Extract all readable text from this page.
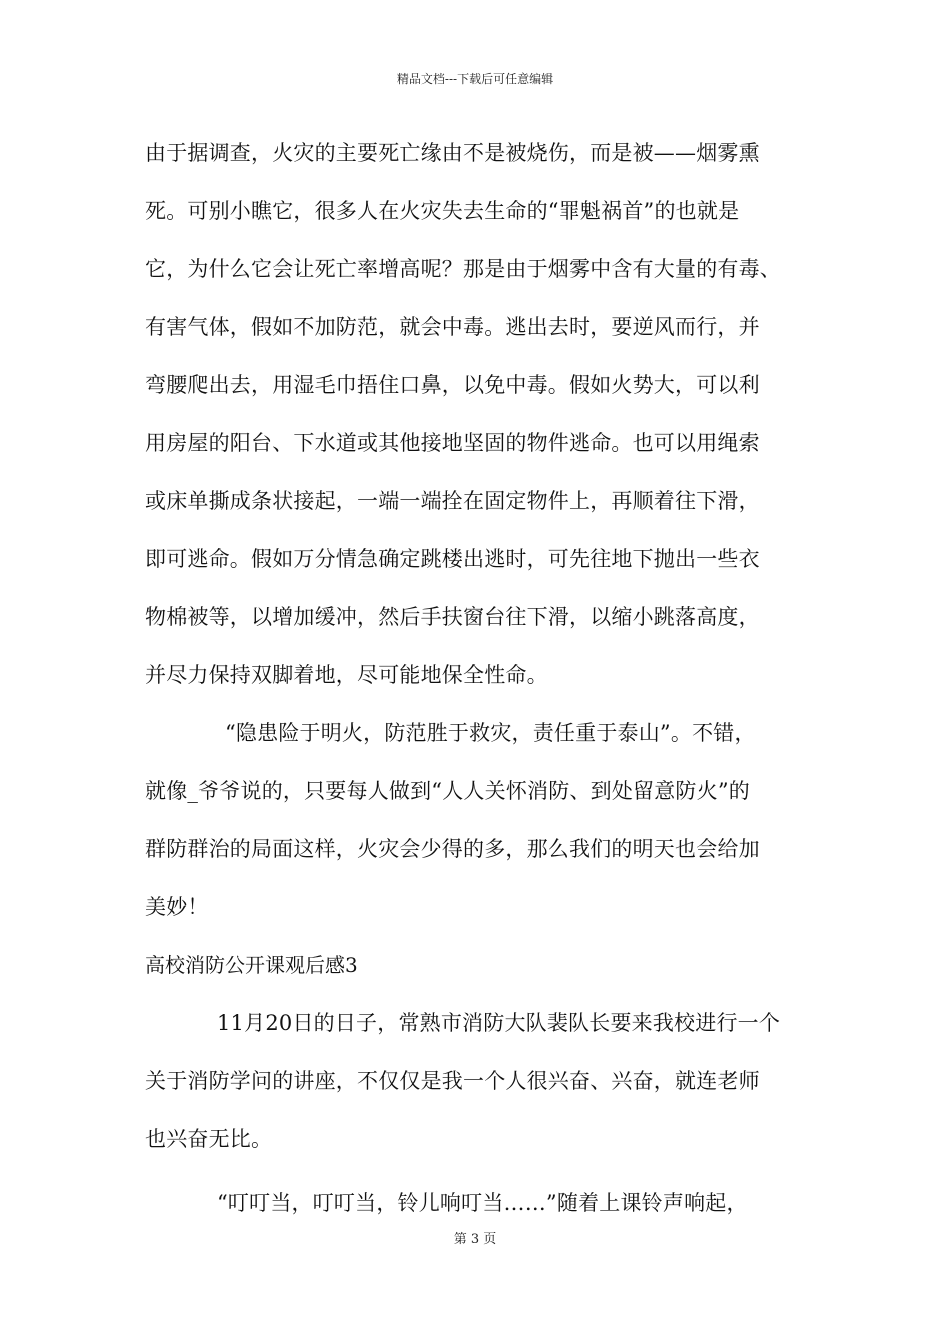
精品文档---下载后可任意编辑
由于据调查，火灾的主要死亡缘由不是被烧伤，而是被——烟雾熏
死。可别小瞧它，很多人在火灾失去生命的“罪魁祸首”的也就是
它，为什么它会让死亡率增高呢？那是由于烟雾中含有大量的有毒、
有害气体，假如不加防范，就会中毒。逃出去时，要逆风而行，并
弯腰爬出去，用湿毛巾捂住口鼻，以免中毒。假如火势大，可以利
用房屋的阳台、下水道或其他接地坚固的物件逃命。也可以用绳索
或床单撕成条状接起，一端一端拴在固定物件上，再顺着往下滑，
即可逃命。假如万分情急确定跳楼出逃时，可先往地下抛出一些衣
物棉被等，以增加缓冲，然后手扶窗台往下滑，以缩小跳落高度，
并尽力保持双脚着地，尽可能地保全性命。
“隐患险于明火，防范胜于救灾，责任重于泰山”。不错，
就像_爷爷说的，只要每人做到“人人关怀消防、到处留意防火”的
群防群治的局面这样，火灾会少得的多，那么我们的明天也会给加
美妙！
高校消防公开课观后感3
11月20日的日子，常熟市消防大队裴队长要来我校进行一个
关于消防学问的讲座，不仅仅是我一个人很兴奋、兴奋，就连老师
也兴奋无比。
“叮叮当，叮叮当，铃儿响叮当……”随着上课铃声响起，
第 3 页
